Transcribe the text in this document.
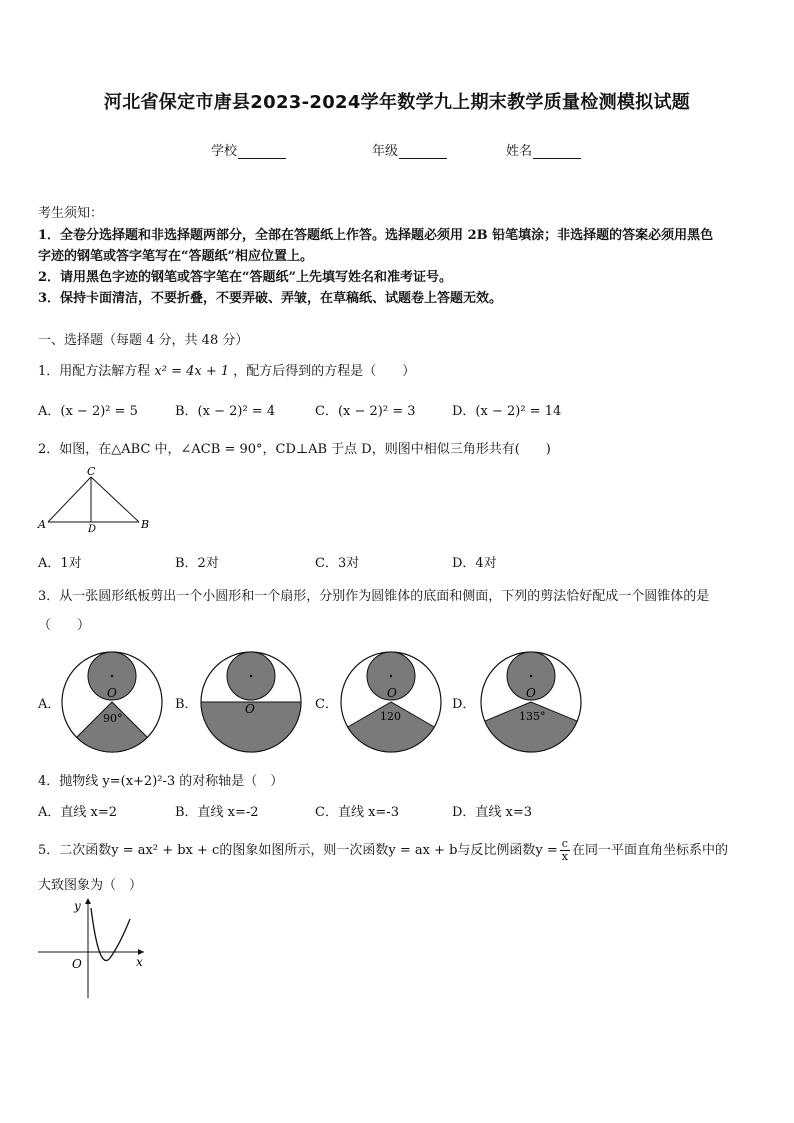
河北省保定市唐县2023-2024学年数学九上期末教学质量检测模拟试题
学校	年级	姓名
考生须知：
1．全卷分选择题和非选择题两部分，全部在答题纸上作答。选择题必须用 2B 铅笔填涂；非选择题的答案必须用黑色
字迹的钢笔或答字笔写在“答题纸”相应位置上。
2．请用黑色字迹的钢笔或答字笔在“答题纸”上先填写姓名和准考证号。
3．保持卡面清洁，不要折叠，不要弄破、弄皱，在草稿纸、试题卷上答题无效。
一、选择题（每题 4 分，共 48 分）
1．用配方法解方程 x² = 4x + 1 ，配方后得到的方程是（　　）
A．(x − 2)² = 5	B．(x − 2)² = 4	C．(x − 2)² = 3	D．(x − 2)² = 14
2．如图，在△ABC 中，∠ACB = 90°，CD⊥AB 于点 D，则图中相似三角形共有(　　)
A	B
C
D
A．1对	B．2对	C．3对	D．4对
3．从一张圆形纸板剪出一个小圆形和一个扇形，分别作为圆锥体的底面和侧面，下列的剪法恰好配成一个圆锥体的是
（　　）
A．
O
90°
B．	O	C．
O
120
D．
O
135°
4．抛物线 y=(x+2)²-3 的对称轴是（　）
A．直线 x=2	B．直线 x=-2	C．直线 x=-3	D．直线 x=3
5．二次函数y = ax² + bx + c的图象如图所示，则一次函数y = ax + b与反比例函数$y = \frac{c}{x}$ 在同一平面直角坐标系中的
大致图象为（　）
y
x
O
